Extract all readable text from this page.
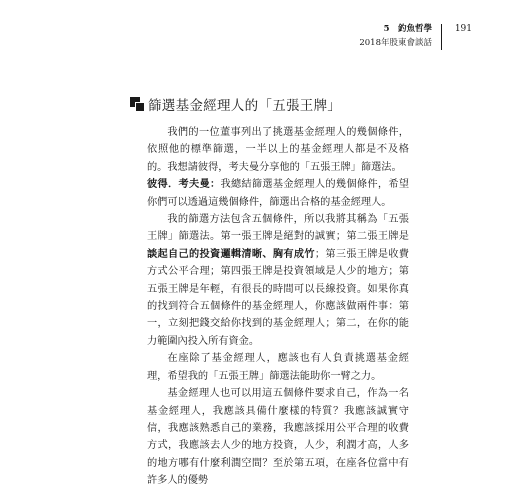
5　釣魚哲學
2018年股東會談話
191
篩選基金經理人的「五張王牌」

我們的一位董事列出了挑選基金經理人的幾個條件，依照他的標準篩選，一半以上的基金經理人都是不及格的。我想請彼得，考夫曼分享他的「五張王牌」篩選法。

彼得．考夫曼：我總結篩選基金經理人的幾個條件，希望你們可以透過這幾個條件，篩選出合格的基金經理人。

我的篩選方法包含五個條件，所以我將其稱為「五張王牌」篩選法。第一張王牌是絕對的誠實；第二張王牌是談起自己的投資邏輯清晰、胸有成竹；第三張王牌是收費方式公平合理；第四張王牌是投資領域是人少的地方；第五張王牌是年輕，有很長的時間可以長線投資。如果你真的找到符合五個條件的基金經理人，你應該做兩件事：第一，立刻把錢交給你找到的基金經理人；第二，在你的能力範圍內投入所有資金。

在座除了基金經理人，應該也有人負責挑選基金經理，希望我的「五張王牌」篩選法能助你一臂之力。

基金經理人也可以用這五個條件要求自己，作為一名基金經理人，我應該具備什麼樣的特質？我應該誠實守信，我應該熟悉自己的業務，我應該採用公平合理的收費方式，我應該去人少的地方投資，人少，利潤才高，人多的地方哪有什麼利潤空間？至於第五項，在座各位當中有許多人的優勢
